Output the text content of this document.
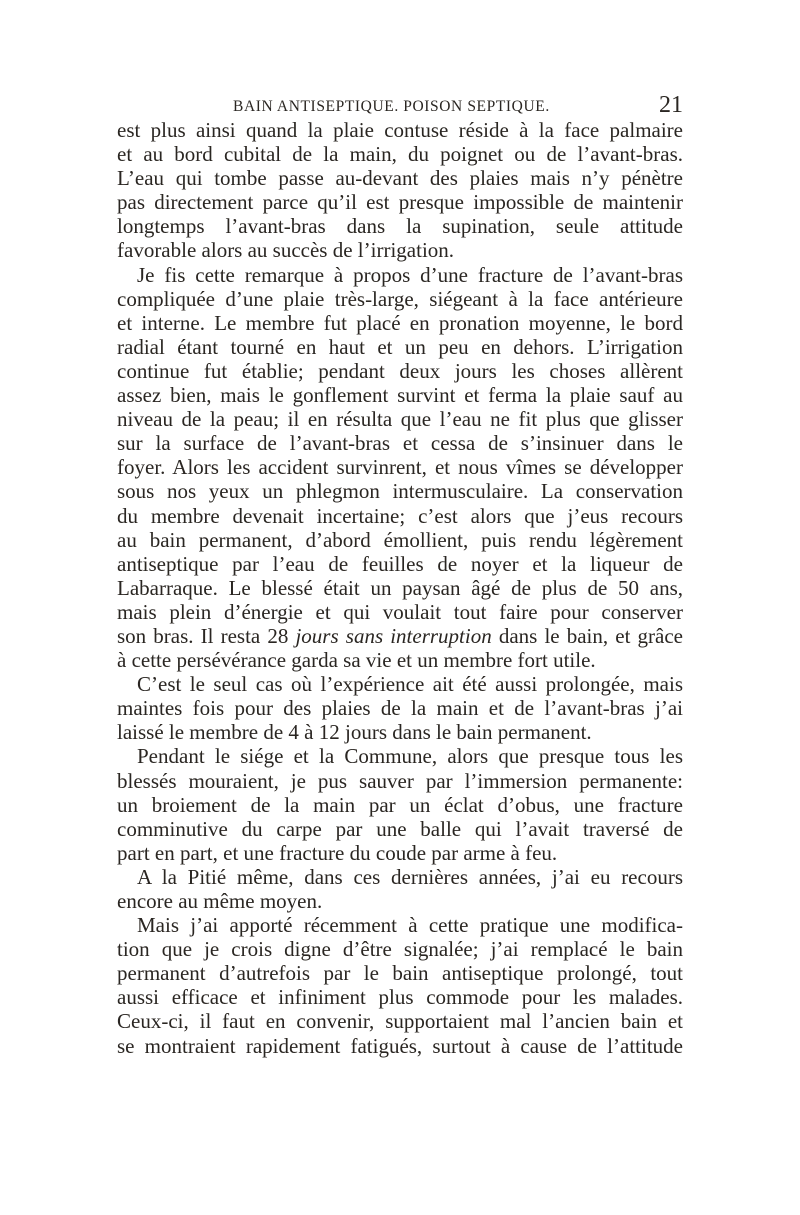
BAIN ANTISEPTIQUE. POISON SEPTIQUE.	21
est plus ainsi quand la plaie contuse réside à la face palmaire
et au bord cubital de la main, du poignet ou de l’avant-bras.
L’eau qui tombe passe au-devant des plaies mais n’y pénètre
pas directement parce qu’il est presque impossible de maintenir
longtemps l’avant-bras dans la supination, seule attitude
favorable alors au succès de l’irrigation.
Je fis cette remarque à propos d’une fracture de l’avant-bras
compliquée d’une plaie très-large, siégeant à la face antérieure
et interne. Le membre fut placé en pronation moyenne, le bord
radial étant tourné en haut et un peu en dehors. L’irrigation
continue fut établie; pendant deux jours les choses allèrent
assez bien, mais le gonflement survint et ferma la plaie sauf au
niveau de la peau; il en résulta que l’eau ne fit plus que glisser
sur la surface de l’avant-bras et cessa de s’insinuer dans le
foyer. Alors les accident survinrent, et nous vîmes se développer
sous nos yeux un phlegmon intermusculaire. La conservation
du membre devenait incertaine; c’est alors que j’eus recours
au bain permanent, d’abord émollient, puis rendu légèrement
antiseptique par l’eau de feuilles de noyer et la liqueur de
Labarraque. Le blessé était un paysan âgé de plus de 50 ans,
mais plein d’énergie et qui voulait tout faire pour conserver
son bras. Il resta 28 jours sans interruption dans le bain, et grâce
à cette persévérance garda sa vie et un membre fort utile.
C’est le seul cas où l’expérience ait été aussi prolongée, mais
maintes fois pour des plaies de la main et de l’avant-bras j’ai
laissé le membre de 4 à 12 jours dans le bain permanent.
Pendant le siége et la Commune, alors que presque tous les
blessés mouraient, je pus sauver par l’immersion permanente:
un broiement de la main par un éclat d’obus, une fracture
comminutive du carpe par une balle qui l’avait traversé de
part en part, et une fracture du coude par arme à feu.
A la Pitié même, dans ces dernières années, j’ai eu recours
encore au même moyen.
Mais j’ai apporté récemment à cette pratique une modifica-
tion que je crois digne d’être signalée; j’ai remplacé le bain
permanent d’autrefois par le bain antiseptique prolongé, tout
aussi efficace et infiniment plus commode pour les malades.
Ceux-ci, il faut en convenir, supportaient mal l’ancien bain et
se montraient rapidement fatigués, surtout à cause de l’attitude
